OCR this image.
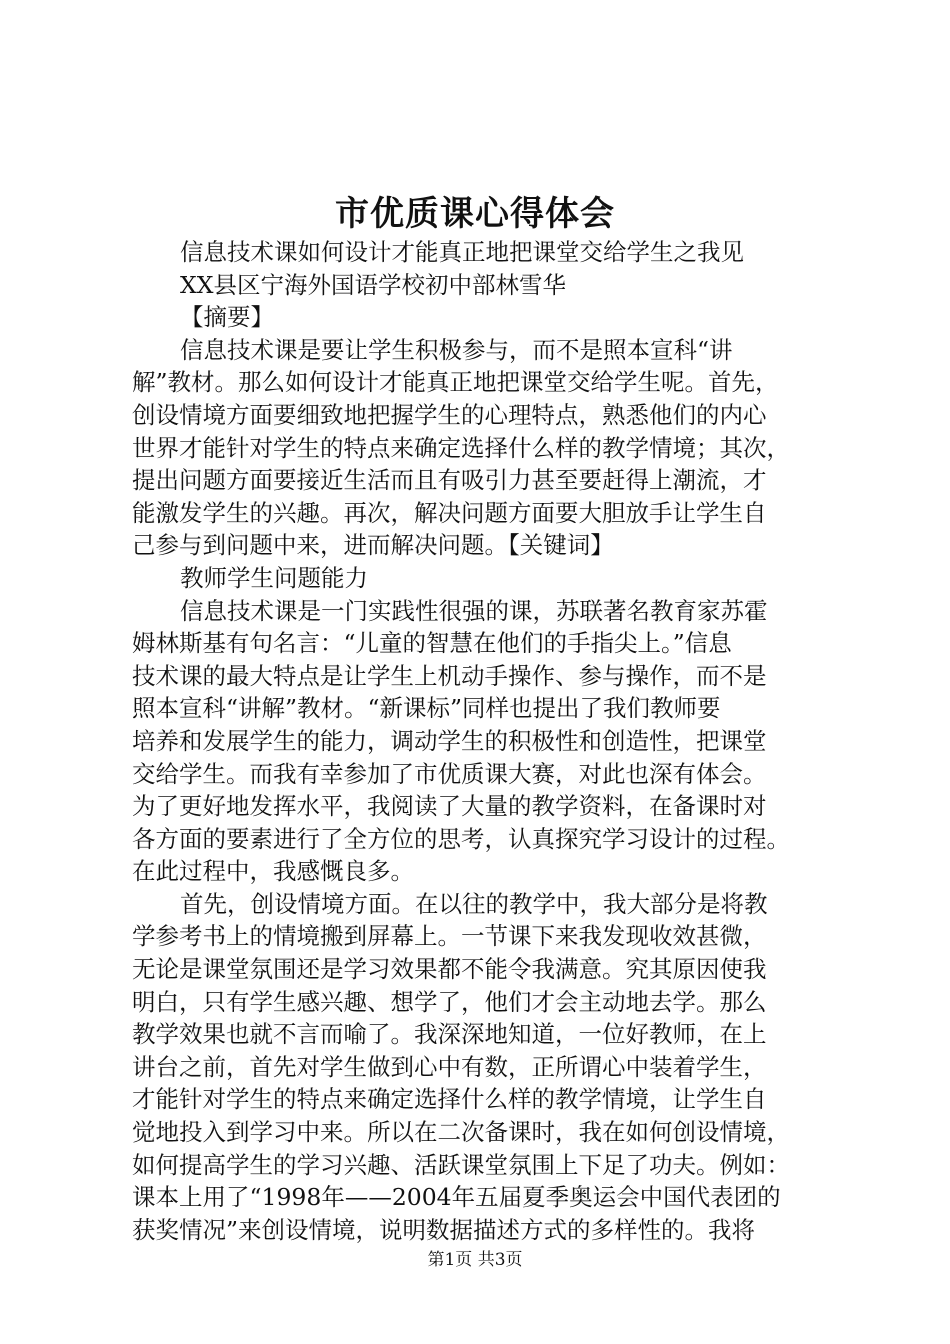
市优质课心得体会

信息技术课如何设计才能真正地把课堂交给学生之我见

XX县区宁海外国语学校初中部林雪华

【摘要】

信息技术课是要让学生积极参与，而不是照本宣科“讲

解”教材。那么如何设计才能真正地把课堂交给学生呢。首先，

创设情境方面要细致地把握学生的心理特点，熟悉他们的内心

世界才能针对学生的特点来确定选择什么样的教学情境；其次，

提出问题方面要接近生活而且有吸引力甚至要赶得上潮流，才

能激发学生的兴趣。再次，解决问题方面要大胆放手让学生自

己参与到问题中来，进而解决问题。【关键词】

教师学生问题能力

信息技术课是一门实践性很强的课，苏联著名教育家苏霍

姆林斯基有句名言：“儿童的智慧在他们的手指尖上。”信息

技术课的最大特点是让学生上机动手操作、参与操作，而不是

照本宣科“讲解”教材。“新课标”同样也提出了我们教师要

培养和发展学生的能力，调动学生的积极性和创造性，把课堂

交给学生。而我有幸参加了市优质课大赛，对此也深有体会。

为了更好地发挥水平，我阅读了大量的教学资料，在备课时对

各方面的要素进行了全方位的思考，认真探究学习设计的过程。

在此过程中，我感慨良多。

首先，创设情境方面。在以往的教学中，我大部分是将教

学参考书上的情境搬到屏幕上。一节课下来我发现收效甚微，

无论是课堂氛围还是学习效果都不能令我满意。究其原因使我

明白，只有学生感兴趣、想学了，他们才会主动地去学。那么

教学效果也就不言而喻了。我深深地知道，一位好教师，在上

讲台之前，首先对学生做到心中有数，正所谓心中装着学生，

才能针对学生的特点来确定选择什么样的教学情境，让学生自

觉地投入到学习中来。所以在二次备课时，我在如何创设情境，

如何提高学生的学习兴趣、活跃课堂氛围上下足了功夫。例如：

课本上用了“1998年——2004年五届夏季奥运会中国代表团的

获奖情况”来创设情境，说明数据描述方式的多样性的。我将

第1页 共3页
